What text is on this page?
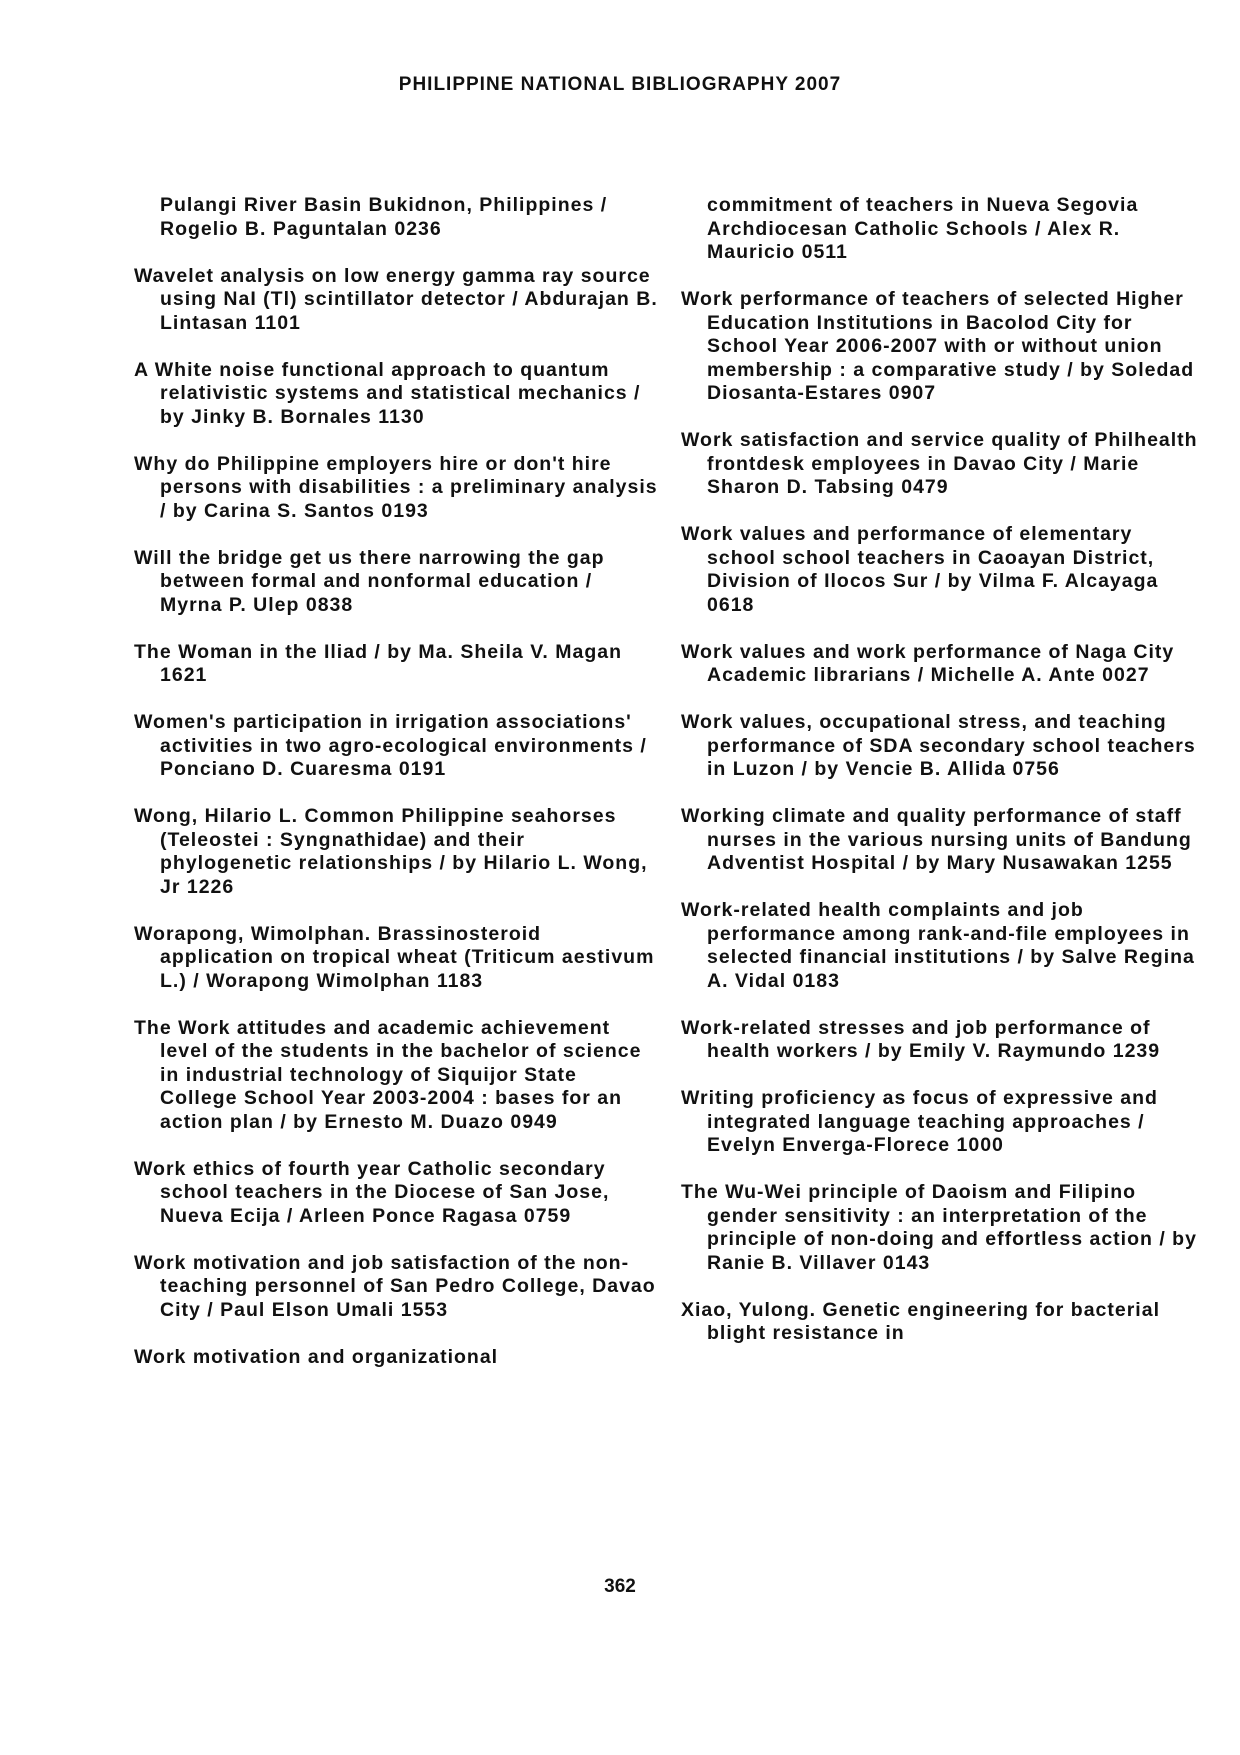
PHILIPPINE NATIONAL BIBLIOGRAPHY 2007

Pulangi River Basin Bukidnon, Philippines / Rogelio B. Paguntalan 0236

Wavelet analysis on low energy gamma ray source using NaI (Tl) scintillator detector / Abdurajan B. Lintasan 1101

A White noise functional approach to quantum relativistic systems and statistical mechanics / by Jinky B. Bornales 1130

Why do Philippine employers hire or don't hire persons with disabilities : a preliminary analysis / by Carina S. Santos 0193

Will the bridge get us there narrowing the gap between formal and nonformal education / Myrna P. Ulep 0838

The Woman in the Iliad / by Ma. Sheila V. Magan 1621

Women's participation in irrigation associations' activities in two agro-ecological environments / Ponciano D. Cuaresma 0191

Wong, Hilario L. Common Philippine seahorses (Teleostei : Syngnathidae) and their phylogenetic relationships / by Hilario L. Wong, Jr 1226

Worapong, Wimolphan. Brassinosteroid application on tropical wheat (Triticum aestivum L.) / Worapong Wimolphan 1183

The Work attitudes and academic achievement level of the students in the bachelor of science in industrial technology of Siquijor State College School Year 2003-2004 : bases for an action plan / by Ernesto M. Duazo 0949

Work ethics of fourth year Catholic secondary school teachers in the Diocese of San Jose, Nueva Ecija / Arleen Ponce Ragasa 0759

Work motivation and job satisfaction of the non-teaching personnel of San Pedro College, Davao City / Paul Elson Umali 1553

Work motivation and organizational

commitment of teachers in Nueva Segovia Archdiocesan Catholic Schools / Alex R. Mauricio 0511

Work performance of teachers of selected Higher Education Institutions in Bacolod City for School Year 2006-2007 with or without union membership : a comparative study / by Soledad Diosanta-Estares 0907

Work satisfaction and service quality of Philhealth frontdesk employees in Davao City / Marie Sharon D. Tabsing 0479

Work values and performance of elementary school school teachers in Caoayan District, Division of Ilocos Sur / by Vilma F. Alcayaga 0618

Work values and work performance of Naga City Academic librarians / Michelle A. Ante 0027

Work values, occupational stress, and teaching performance of SDA secondary school teachers in Luzon / by Vencie B. Allida 0756

Working climate and quality performance of staff nurses in the various nursing units of Bandung Adventist Hospital / by Mary Nusawakan 1255

Work-related health complaints and job performance among rank-and-file employees in selected financial institutions / by Salve Regina A. Vidal 0183

Work-related stresses and job performance of health workers / by Emily V. Raymundo 1239

Writing proficiency as focus of expressive and integrated language teaching approaches / Evelyn Enverga-Florece 1000

The Wu-Wei principle of Daoism and Filipino gender sensitivity : an interpretation of the principle of non-doing and effortless action / by Ranie B. Villaver 0143

Xiao, Yulong. Genetic engineering for bacterial blight resistance in

362
